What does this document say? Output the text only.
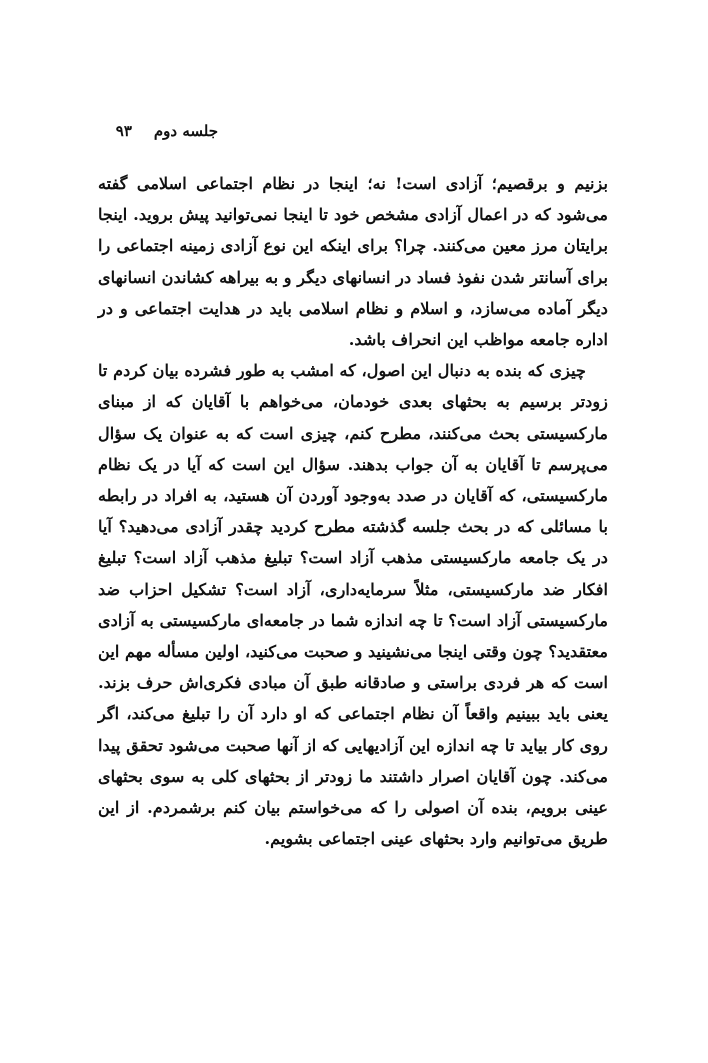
جلسه دوم
۹۳

بزنیم و برقصیم؛ آزادی است! نه؛ اینجا در نظام اجتماعی اسلامی گفته می‌شود که در اعمال آزادی مشخص خود تا اینجا نمی‌توانید پیش بروید. اینجا برایتان مرز معین می‌کنند. چرا؟ برای اینکه این نوع آزادی زمینه اجتماعی را برای آسانتر شدن نفوذ فساد در انسانهای دیگر و به بیراهه کشاندن انسانهای دیگر آماده می‌سازد، و اسلام و نظام اسلامی باید در هدایت اجتماعی و در اداره جامعه مواظب این انحراف باشد.

چیزی که بنده به دنبال این اصول، که امشب به طور فشرده بیان کردم تا زودتر برسیم به بحثهای بعدی خودمان، می‌خواهم با آقایان که از مبنای مارکسیستی بحث می‌کنند، مطرح کنم، چیزی است که به عنوان یک سؤال می‌پرسم تا آقایان به آن جواب بدهند. سؤال این است که آیا در یک نظام مارکسیستی، که آقایان در صدد به‌وجود آوردن آن هستید، به افراد در رابطه با مسائلی که در بحث جلسه گذشته مطرح کردید چقدر آزادی می‌دهید؟ آیا در یک جامعه مارکسیستی مذهب آزاد است؟ تبلیغ مذهب آزاد است؟ تبلیغ افکار ضد مارکسیستی، مثلاً سرمایه‌داری، آزاد است؟ تشکیل احزاب ضد مارکسیستی آزاد است؟ تا چه اندازه شما در جامعه‌ای مارکسیستی به آزادی معتقدید؟ چون وقتی اینجا می‌نشینید و صحبت می‌کنید، اولین مسأله مهم این است که هر فردی براستی و صادقانه طبق آن مبادی فکری‌اش حرف بزند. یعنی باید ببینیم واقعاً آن نظام اجتماعی که او دارد آن را تبلیغ می‌کند، اگر روی کار بیاید تا چه اندازه این آزادیهایی که از آنها صحبت می‌شود تحقق پیدا می‌کند. چون آقایان اصرار داشتند ما زودتر از بحثهای کلی به سوی بحثهای عینی برویم، بنده آن اصولی را که می‌خواستم بیان کنم برشمردم. از این طریق می‌توانیم وارد بحثهای عینی اجتماعی بشویم.
